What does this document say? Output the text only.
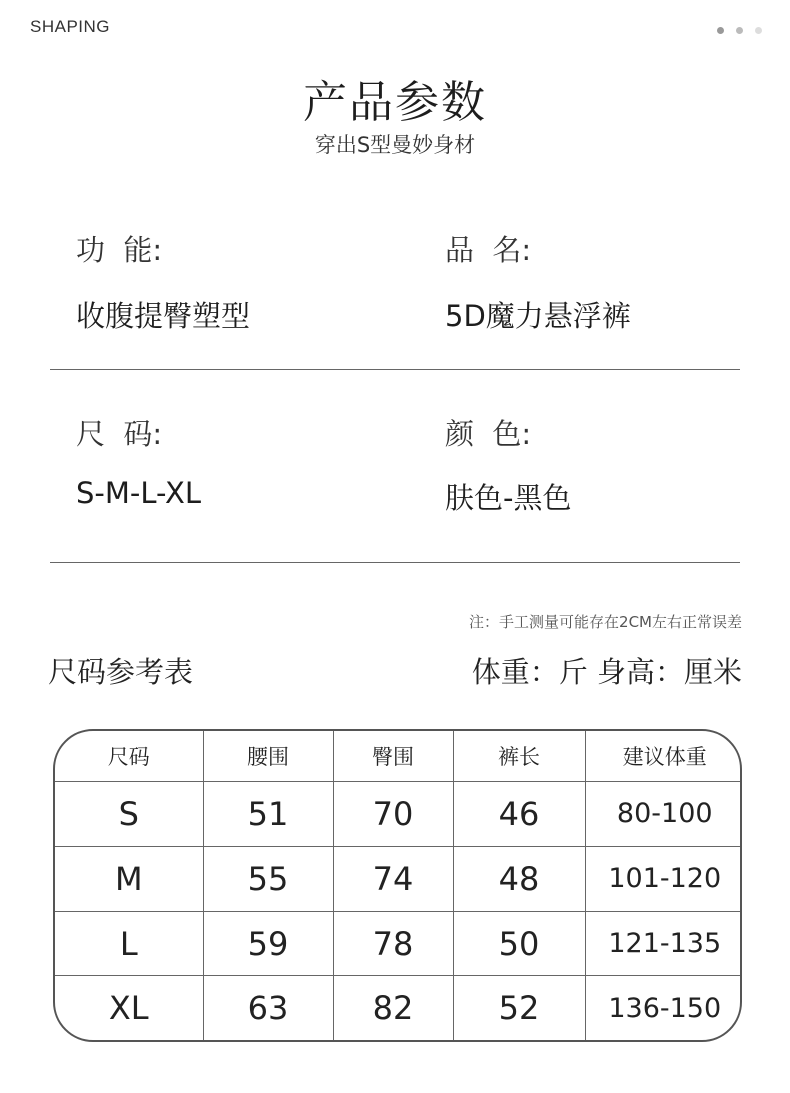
SHAPING
产品参数
穿出S型曼妙身材
功  能:
收腹提臀塑型
品  名:
5D魔力悬浮裤
尺  码:
S-M-L-XL
颜  色:
肤色-黑色
注：手工测量可能存在2CM左右正常误差
尺码参考表	体重：斤 身高：厘米
尺码	腰围	臀围	裤长	建议体重
S	51	70	46	80-100
M	55	74	48	101-120
L	59	78	50	121-135
XL	63	82	52	136-150
